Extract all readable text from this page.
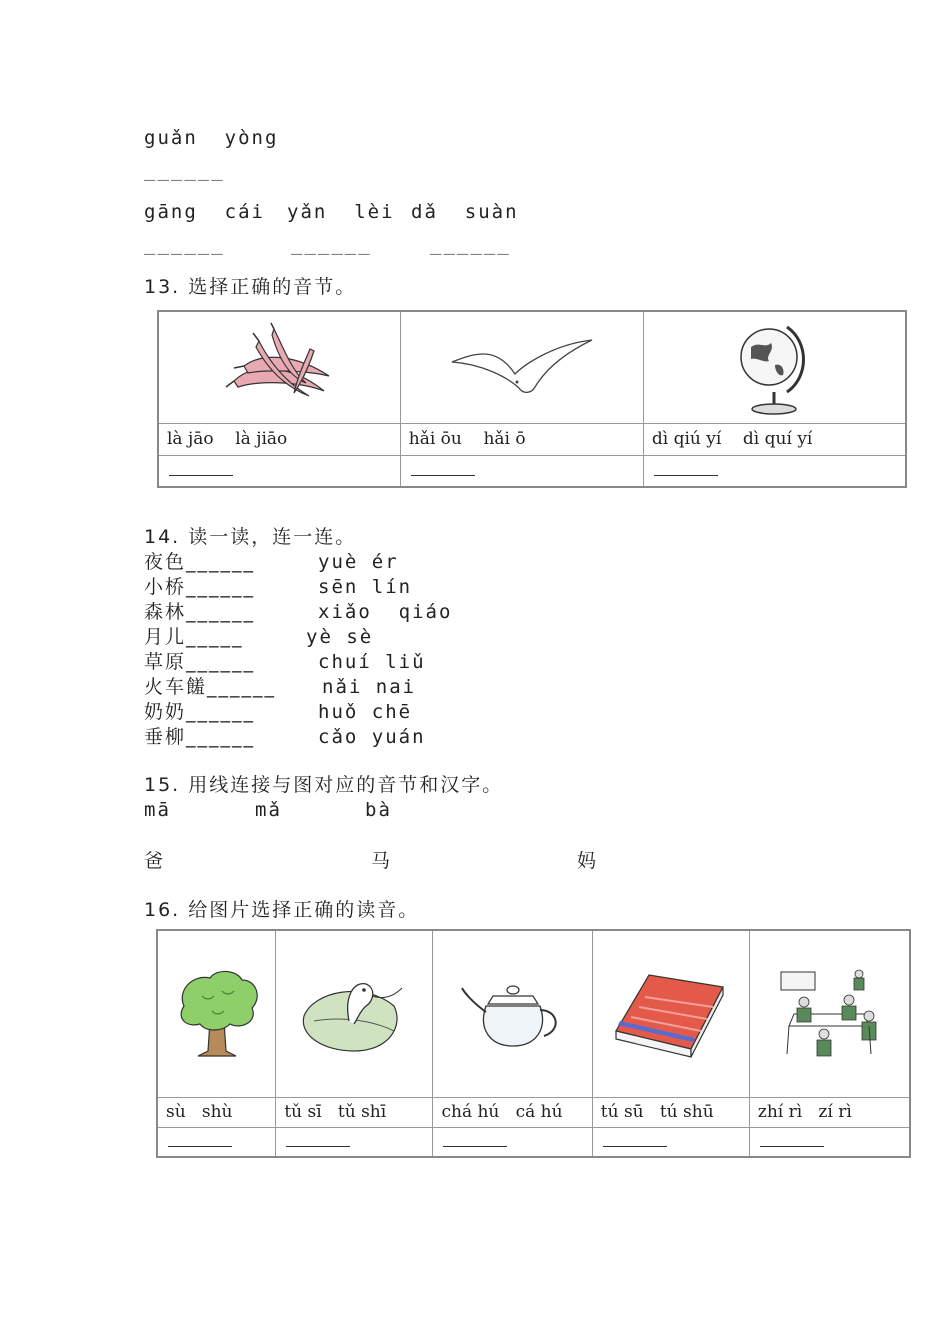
guǎn  yòng
______
gāng  cái yǎn  lèi dǎ  suàn
______	______	______
13. 选择正确的音节。

là jāo    là jiāo	hǎi ōu    hǎi ō	dì qiú yí    dì quí yí

14. 读一读，连一连。
夜色______	yuè ér
小桥______	sēn lín
森林______	xiǎo  qiáo
月儿_____	yè sè
草原______	chuí liǔ
火车饈______ nǎi nai
奶奶______	huǒ chē
垂柳______	cǎo yuán
15. 用线连接与图对应的音节和汉字。
mā	mǎ	bà
爸	马	妈
16. 给图片选择正确的读音。

sù   shù	tǔ sī   tǔ shī	chá hú   cá hú	tú sū   tú shū	zhí rì   zí rì
